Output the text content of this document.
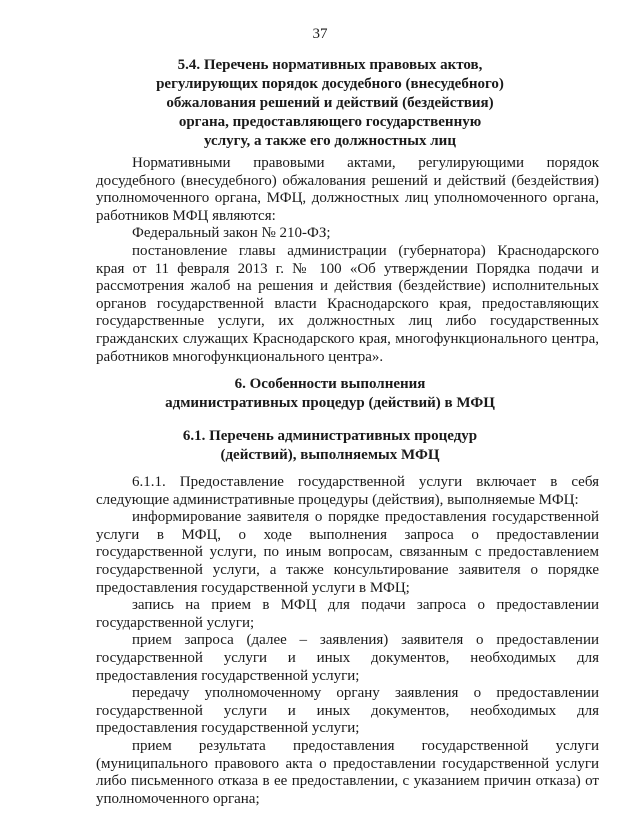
37
5.4. Перечень нормативных правовых актов,
регулирующих порядок досудебного (внесудебного)
обжалования решений и действий (бездействия)
органа, предоставляющего государственную
услугу, а также его должностных лиц

Нормативными правовыми актами, регулирующими порядок досудебного (внесудебного) обжалования решений и действий (бездействия) уполномоченного органа, МФЦ, должностных лиц уполномоченного органа, работников МФЦ являются:

Федеральный закон № 210-ФЗ;

постановление главы администрации (губернатора) Краснодарского края от 11 февраля 2013 г. № 100 «Об утверждении Порядка подачи и рассмотрения жалоб на решения и действия (бездействие) исполнительных органов государственной власти Краснодарского края, предоставляющих государственные услуги, их должностных лиц либо государственных гражданских служащих Краснодарского края, многофункционального центра, работников многофункционального центра».

6. Особенности выполнения
административных процедур (действий) в МФЦ
6.1. Перечень административных процедур
(действий), выполняемых МФЦ

6.1.1. Предоставление государственной услуги включает в себя следующие административные процедуры (действия), выполняемые МФЦ:

информирование заявителя о порядке предоставления государственной услуги в МФЦ, о ходе выполнения запроса о предоставлении государственной услуги, по иным вопросам, связанным с предоставлением государственной услуги, а также консультирование заявителя о порядке предоставления государственной услуги в МФЦ;

запись на прием в МФЦ для подачи запроса о предоставлении государственной услуги;

прием запроса (далее – заявления) заявителя о предоставлении государственной услуги и иных документов, необходимых для предоставления государственной услуги;

передачу уполномоченному органу заявления о предоставлении государственной услуги и иных документов, необходимых для предоставления государственной услуги;

прием результата предоставления государственной услуги (муниципального правового акта о предоставлении государственной услуги либо письменного отказа в ее предоставлении, с указанием причин отказа) от уполномоченного органа;
